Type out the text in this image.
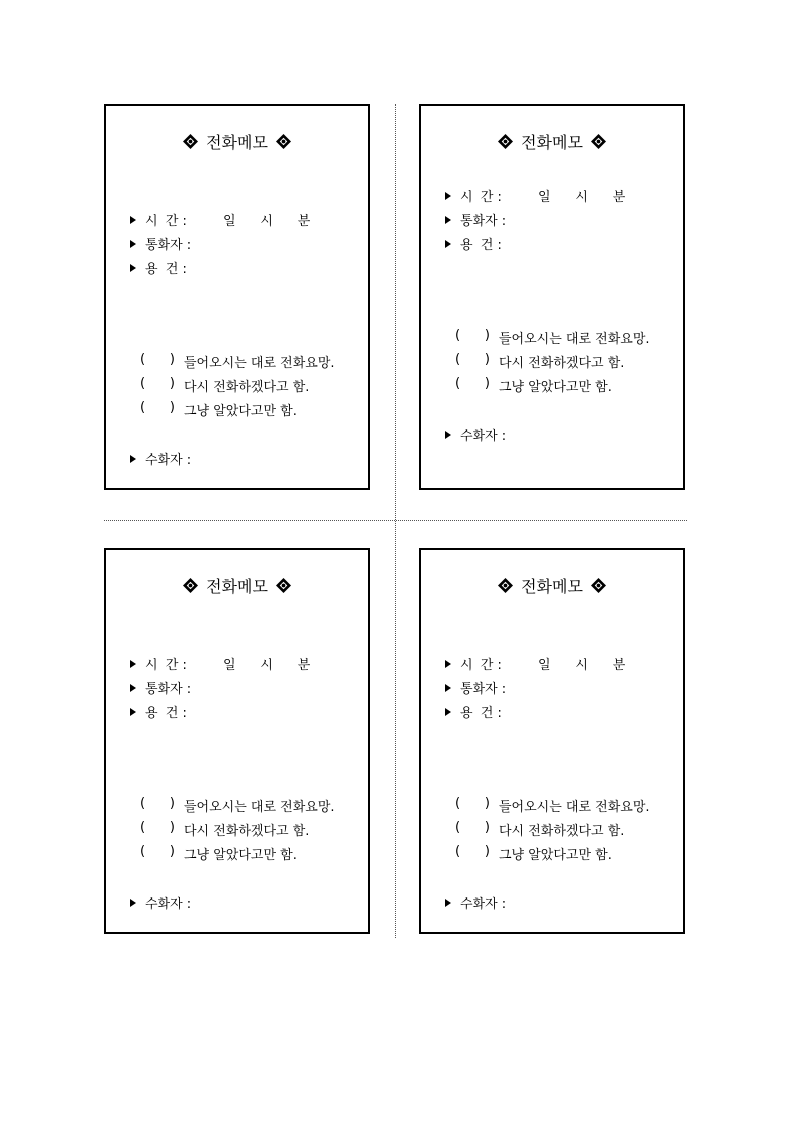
전화메모
시  간 :	일      시      분
통화자 :
용  건 :
(      ) 들어오시는 대로 전화요망.
(      ) 다시 전화하겠다고 함.
(      ) 그냥 알았다고만 함.
수화자 :
전화메모
시  간 :	일      시      분
통화자 :
용  건 :
(      ) 들어오시는 대로 전화요망.
(      ) 다시 전화하겠다고 함.
(      ) 그냥 알았다고만 함.
수화자 :
전화메모
시  간 :	일      시      분
통화자 :
용  건 :
(      ) 들어오시는 대로 전화요망.
(      ) 다시 전화하겠다고 함.
(      ) 그냥 알았다고만 함.
수화자 :
전화메모
시  간 :	일      시      분
통화자 :
용  건 :
(      ) 들어오시는 대로 전화요망.
(      ) 다시 전화하겠다고 함.
(      ) 그냥 알았다고만 함.
수화자 :
